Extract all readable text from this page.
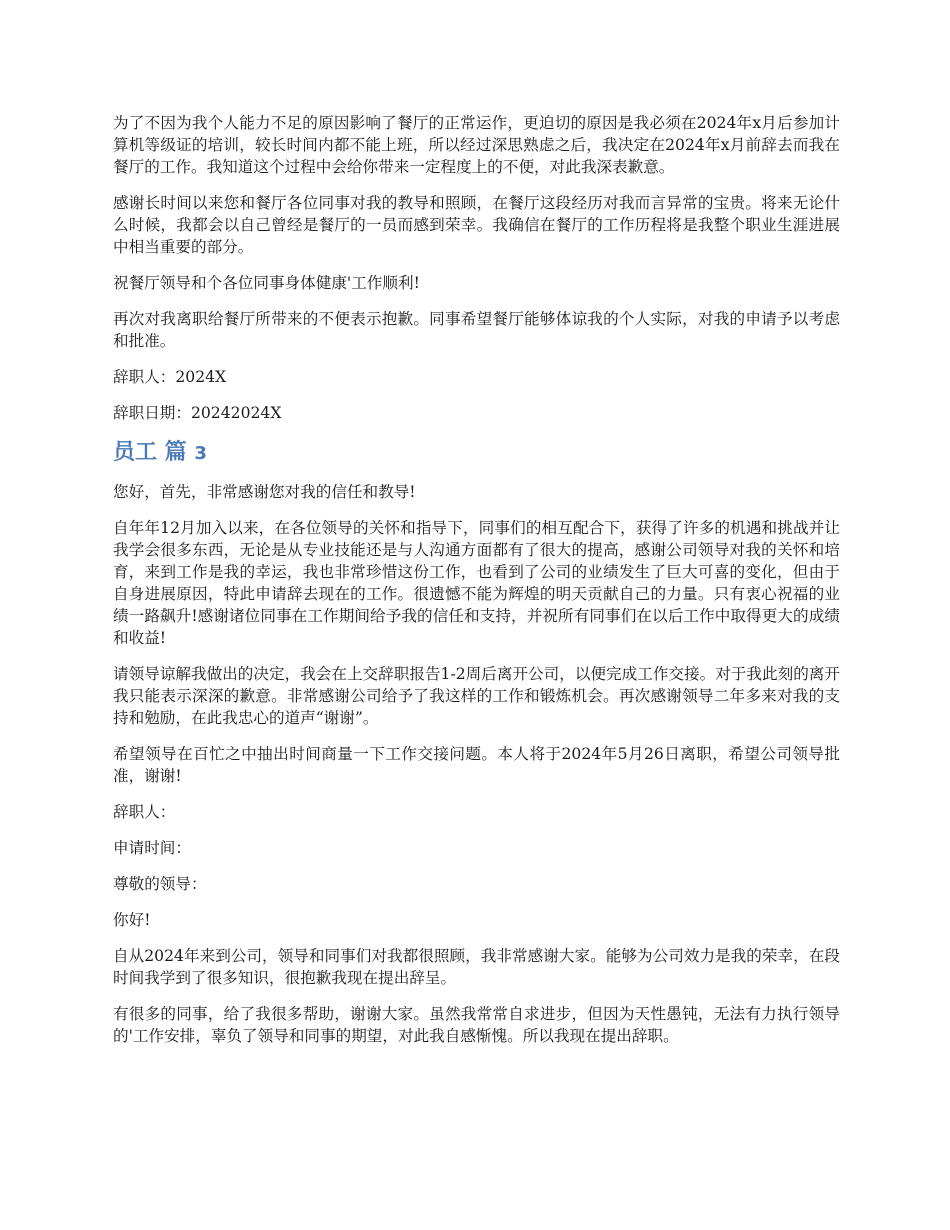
为了不因为我个人能力不足的原因影响了餐厅的正常运作，更迫切的原因是我必须在2024年x月后参加计算机等级证的培训，较长时间内都不能上班，所以经过深思熟虑之后，我决定在2024年x月前辞去而我在餐厅的工作。我知道这个过程中会给你带来一定程度上的不便，对此我深表歉意。

感谢长时间以来您和餐厅各位同事对我的教导和照顾，在餐厅这段经历对我而言异常的宝贵。将来无论什么时候，我都会以自己曾经是餐厅的一员而感到荣幸。我确信在餐厅的工作历程将是我整个职业生涯进展中相当重要的部分。

祝餐厅领导和个各位同事身体健康'工作顺利!

再次对我离职给餐厅所带来的不便表示抱歉。同事希望餐厅能够体谅我的个人实际，对我的申请予以考虑和批准。

辞职人：2024X

辞职日期：20242024X

员工 篇 3

您好，首先，非常感谢您对我的信任和教导!

自年年12月加入以来，在各位领导的关怀和指导下，同事们的相互配合下，获得了许多的机遇和挑战并让我学会很多东西，无论是从专业技能还是与人沟通方面都有了很大的提高，感谢公司领导对我的关怀和培育，来到工作是我的幸运，我也非常珍惜这份工作，也看到了公司的业绩发生了巨大可喜的变化，但由于自身进展原因，特此申请辞去现在的工作。很遗憾不能为辉煌的明天贡献自己的力量。只有衷心祝福的业绩一路飙升!感谢诸位同事在工作期间给予我的信任和支持，并祝所有同事们在以后工作中取得更大的成绩和收益!

请领导谅解我做出的决定，我会在上交辞职报告1-2周后离开公司，以便完成工作交接。对于我此刻的离开我只能表示深深的歉意。非常感谢公司给予了我这样的工作和锻炼机会。再次感谢领导二年多来对我的支持和勉励，在此我忠心的道声“谢谢”。

希望领导在百忙之中抽出时间商量一下工作交接问题。本人将于2024年5月26日离职，希望公司领导批准，谢谢!

辞职人：

申请时间：

尊敬的领导：

你好!

自从2024年来到公司，领导和同事们对我都很照顾，我非常感谢大家。能够为公司效力是我的荣幸，在段时间我学到了很多知识，很抱歉我现在提出辞呈。

有很多的同事，给了我很多帮助，谢谢大家。虽然我常常自求进步，但因为天性愚钝，无法有力执行领导的'工作安排，辜负了领导和同事的期望，对此我自感惭愧。所以我现在提出辞职。
